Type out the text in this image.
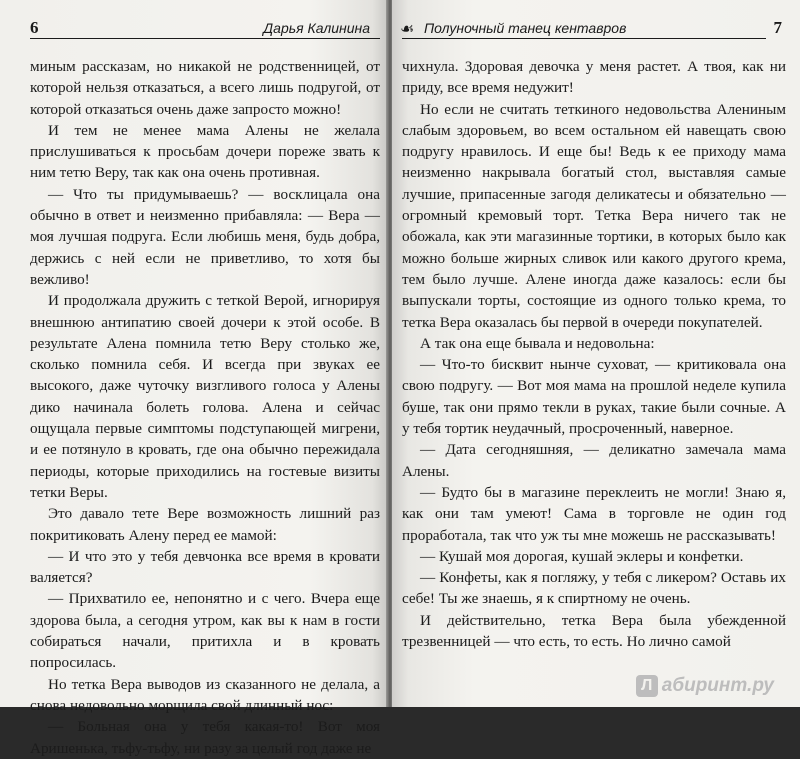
6	Дарья Калинина

миным рассказам, но никакой не родственницей, от которой нельзя отказаться, а всего лишь подругой, от которой отказаться очень даже запросто можно!

И тем не менее мама Алены не желала прислушиваться к просьбам дочери пореже звать к ним тетю Веру, так как она очень противная.

— Что ты придумываешь? — восклицала она обычно в ответ и неизменно прибавляла: — Вера — моя лучшая подруга. Если любишь меня, будь добра, держись с ней если не приветливо, то хотя бы вежливо!

И продолжала дружить с теткой Верой, игнорируя внешнюю антипатию своей дочери к этой особе. В результате Алена помнила тетю Веру столько же, сколько помнила себя. И всегда при звуках ее высокого, даже чуточку визгливого голоса у Алены дико начинала болеть голова. Алена и сейчас ощущала первые симптомы подступающей мигрени, и ее потянуло в кровать, где она обычно пережидала периоды, которые приходились на гостевые визиты тетки Веры.

Это давало тете Вере возможность лишний раз покритиковать Алену перед ее мамой:

— И что это у тебя девчонка все время в кровати валяется?

— Прихватило ее, непонятно и с чего. Вчера еще здорова была, а сегодня утром, как вы к нам в гости собираться начали, притихла и в кровать попросилась.

Но тетка Вера выводов из сказанного не делала, а снова недовольно морщила свой длинный нос:

— Больная она у тебя какая-то! Вот моя Аришенька, тьфу-тьфу, ни разу за целый год даже не

☙ Полуночный танец кентавров	7

чихнула. Здоровая девочка у меня растет. А твоя, как ни приду, все время недужит!

Но если не считать теткиного недовольства Алениным слабым здоровьем, во всем остальном ей навещать свою подругу нравилось. И еще бы! Ведь к ее приходу мама неизменно накрывала богатый стол, выставляя самые лучшие, припасенные загодя деликатесы и обязательно — огромный кремовый торт. Тетка Вера ничего так не обожала, как эти магазинные тортики, в которых было как можно больше жирных сливок или какого другого крема, тем было лучше. Алене иногда даже казалось: если бы выпускали торты, состоящие из одного только крема, то тетка Вера оказалась бы первой в очереди покупателей.

А так она еще бывала и недовольна:

— Что-то бисквит нынче суховат, — критиковала она свою подругу. — Вот моя мама на прошлой неделе купила буше, так они прямо текли в руках, такие были сочные. А у тебя тортик неудачный, просроченный, наверное.

— Дата сегодняшняя, — деликатно замечала мама Алены.

— Будто бы в магазине переклеить не могли! Знаю я, как они там умеют! Сама в торговле не один год проработала, так что уж ты мне можешь не рассказывать!

— Кушай моя дорогая, кушай эклеры и конфетки.

— Конфеты, как я погляжу, у тебя с ликером? Оставь их себе! Ты же знаешь, я к спиртному не очень.

И действительно, тетка Вера была убежденной трезвенницей — что есть, то есть. Но лично самой

Л абиринт.ру
